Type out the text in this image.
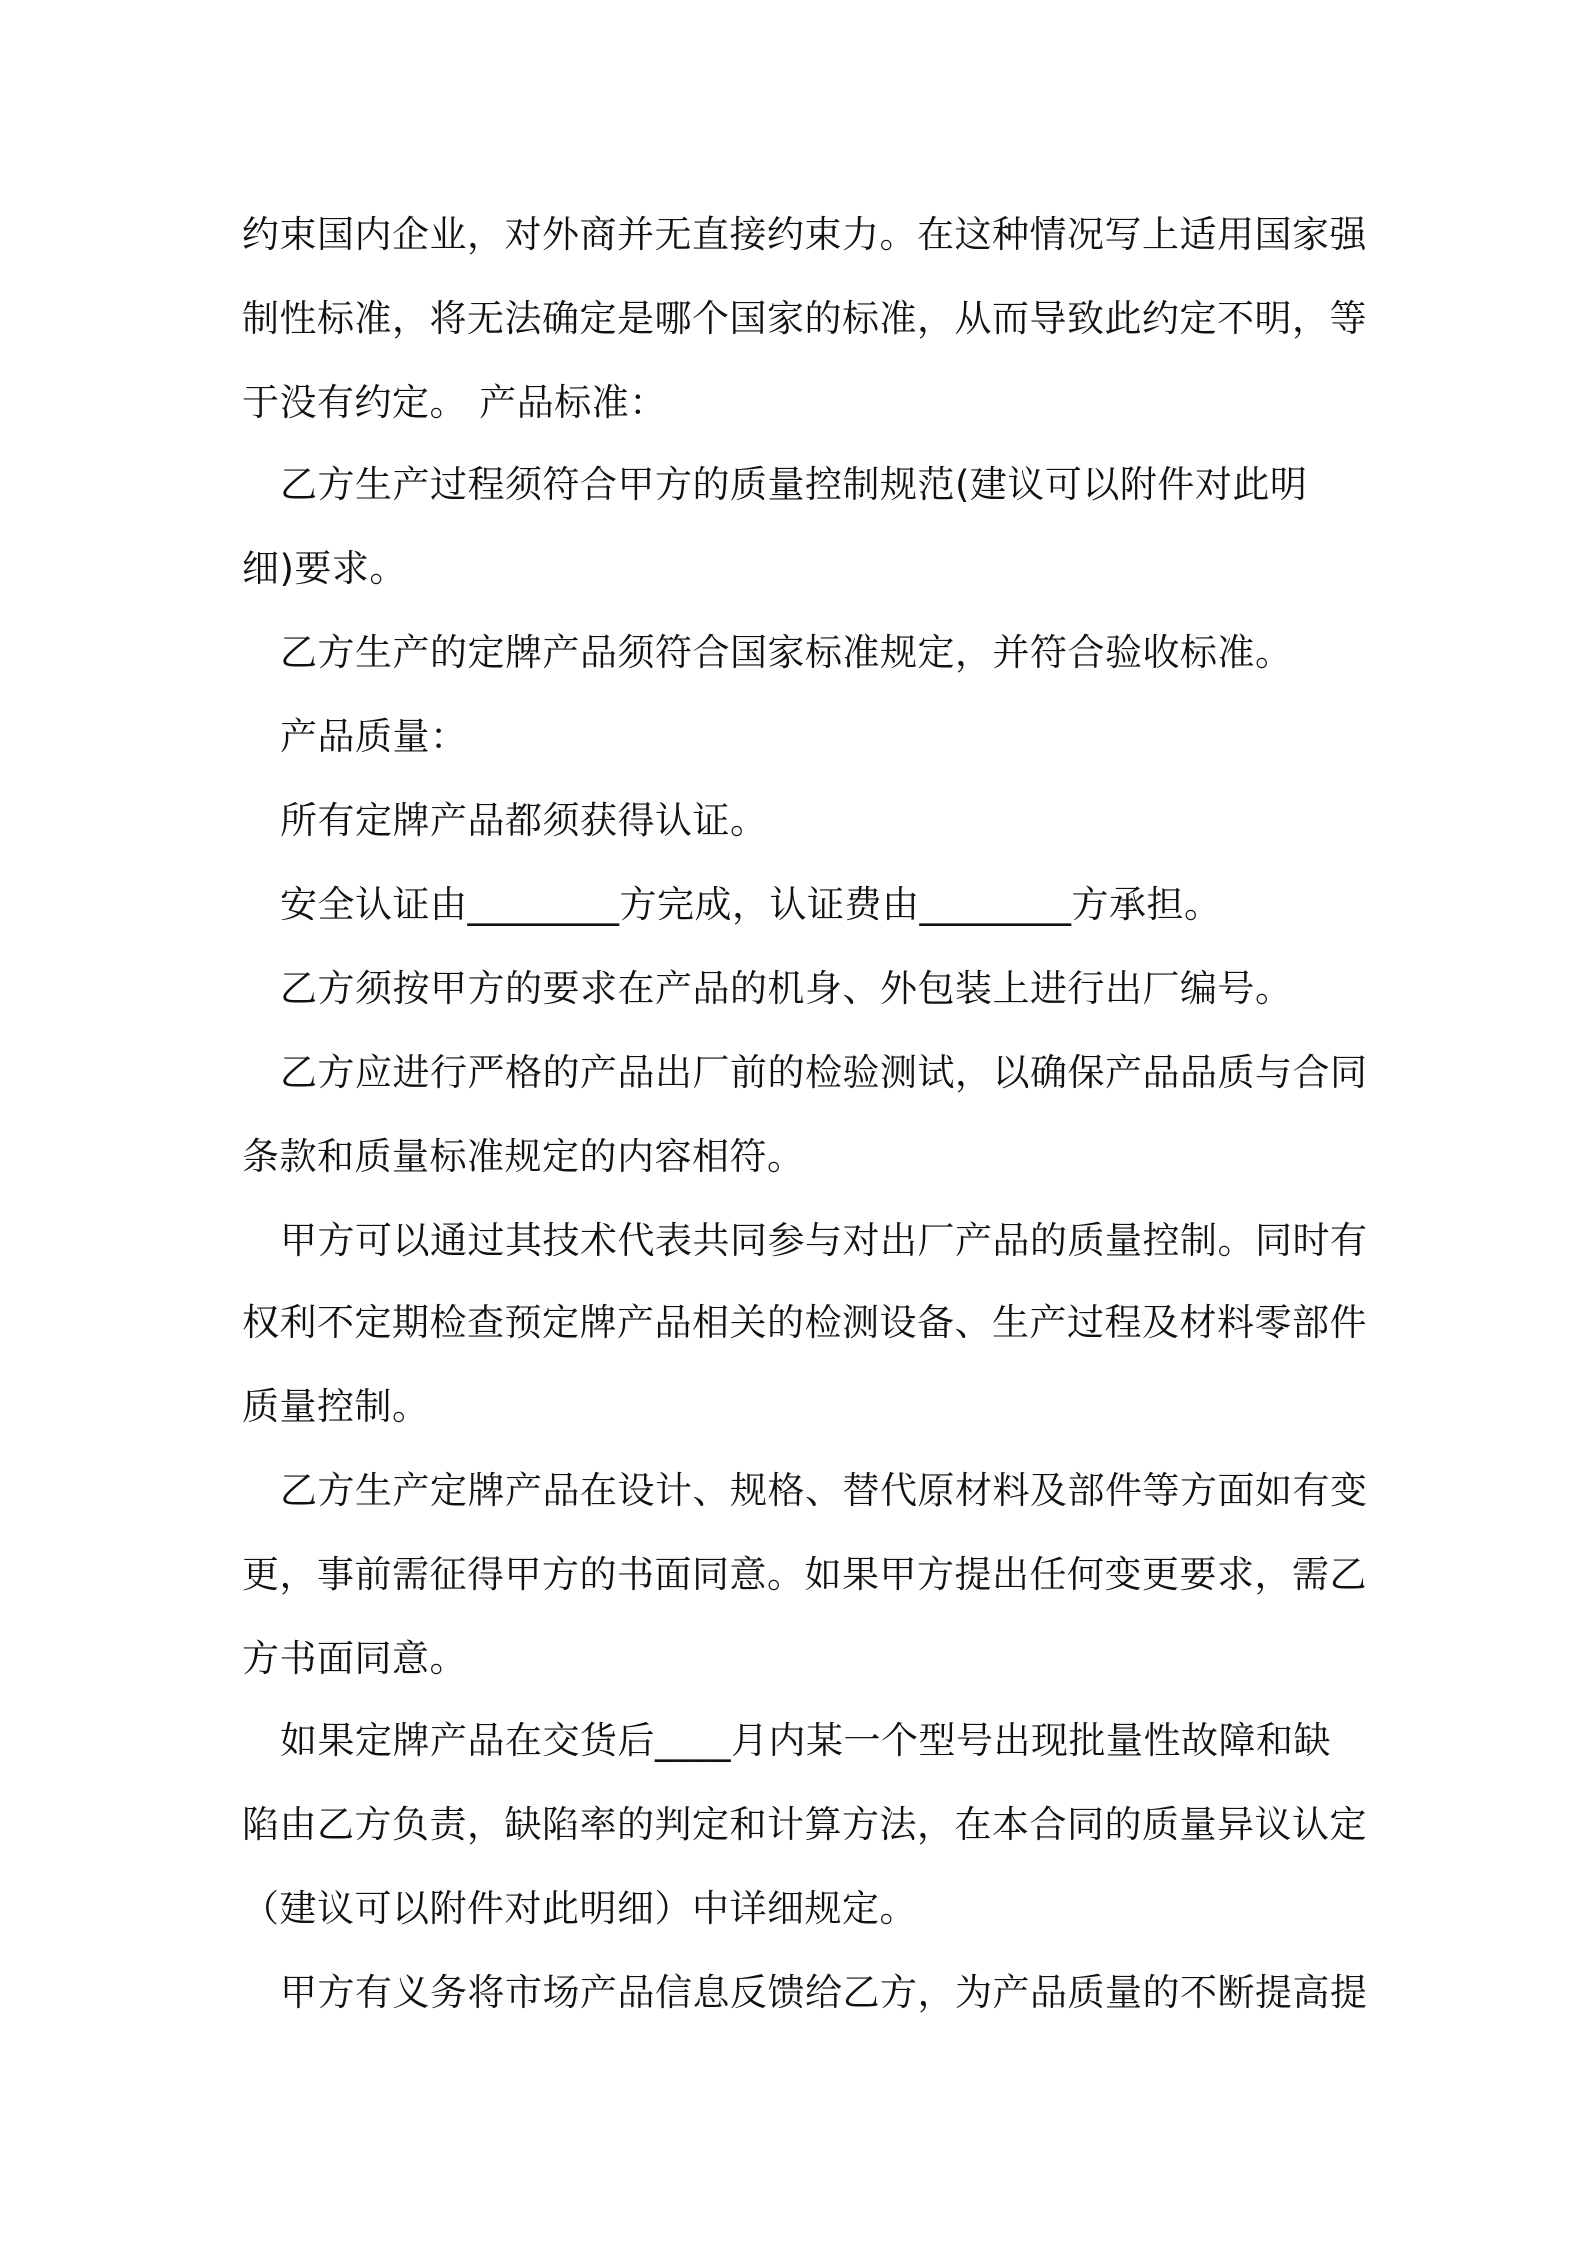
约束国内企业，对外商并无直接约束力。在这种情况写上适用国家强

制性标准，将无法确定是哪个国家的标准，从而导致此约定不明，等

于没有约定。 产品标准：

乙方生产过程须符合甲方的质量控制规范(建议可以附件对此明

细)要求。

乙方生产的定牌产品须符合国家标准规定，并符合验收标准。

产品质量：

所有定牌产品都须获得认证。

安全认证由________方完成，认证费由________方承担。

乙方须按甲方的要求在产品的机身、外包装上进行出厂编号。

乙方应进行严格的产品出厂前的检验测试，以确保产品品质与合同

条款和质量标准规定的内容相符。

甲方可以通过其技术代表共同参与对出厂产品的质量控制。同时有

权利不定期检查预定牌产品相关的检测设备、生产过程及材料零部件

质量控制。

乙方生产定牌产品在设计、规格、替代原材料及部件等方面如有变

更，事前需征得甲方的书面同意。如果甲方提出任何变更要求，需乙

方书面同意。

如果定牌产品在交货后____月内某一个型号出现批量性故障和缺

陷由乙方负责，缺陷率的判定和计算方法，在本合同的质量异议认定

（建议可以附件对此明细）中详细规定。

甲方有义务将市场产品信息反馈给乙方，为产品质量的不断提高提
